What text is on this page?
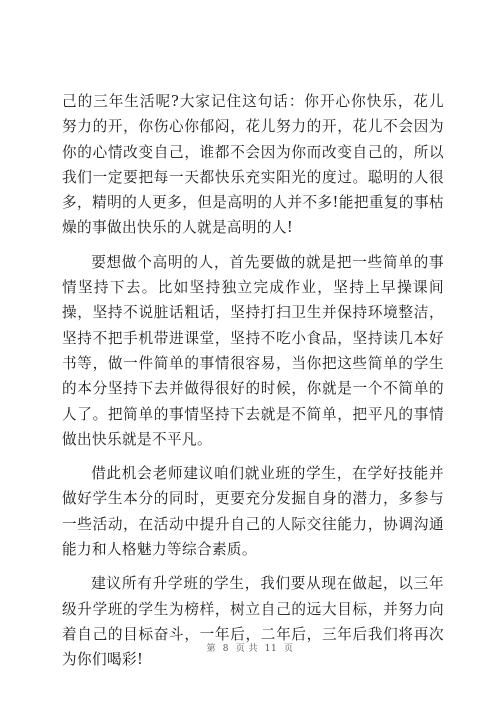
己的三年生活呢?大家记住这句话：你开心你快乐，花儿努力的开，你伤心你郁闷，花儿努力的开，花儿不会因为你的心情改变自己，谁都不会因为你而改变自己的，所以我们一定要把每一天都快乐充实阳光的度过。聪明的人很多，精明的人更多，但是高明的人并不多!能把重复的事枯燥的事做出快乐的人就是高明的人!

要想做个高明的人，首先要做的就是把一些简单的事情坚持下去。比如坚持独立完成作业，坚持上早操课间操，坚持不说脏话粗话，坚持打扫卫生并保持环境整洁，坚持不把手机带进课堂，坚持不吃小食品，坚持读几本好书等，做一件简单的事情很容易，当你把这些简单的学生的本分坚持下去并做得很好的时候，你就是一个不简单的人了。把简单的事情坚持下去就是不简单，把平凡的事情做出快乐就是不平凡。

借此机会老师建议咱们就业班的学生，在学好技能并做好学生本分的同时，更要充分发掘自身的潜力，多参与一些活动，在活动中提升自己的人际交往能力，协调沟通能力和人格魅力等综合素质。

建议所有升学班的学生，我们要从现在做起，以三年级升学班的学生为榜样，树立自己的远大目标，并努力向着自己的目标奋斗，一年后，二年后，三年后我们将再次为你们喝彩!

第  8  页 共  11  页
